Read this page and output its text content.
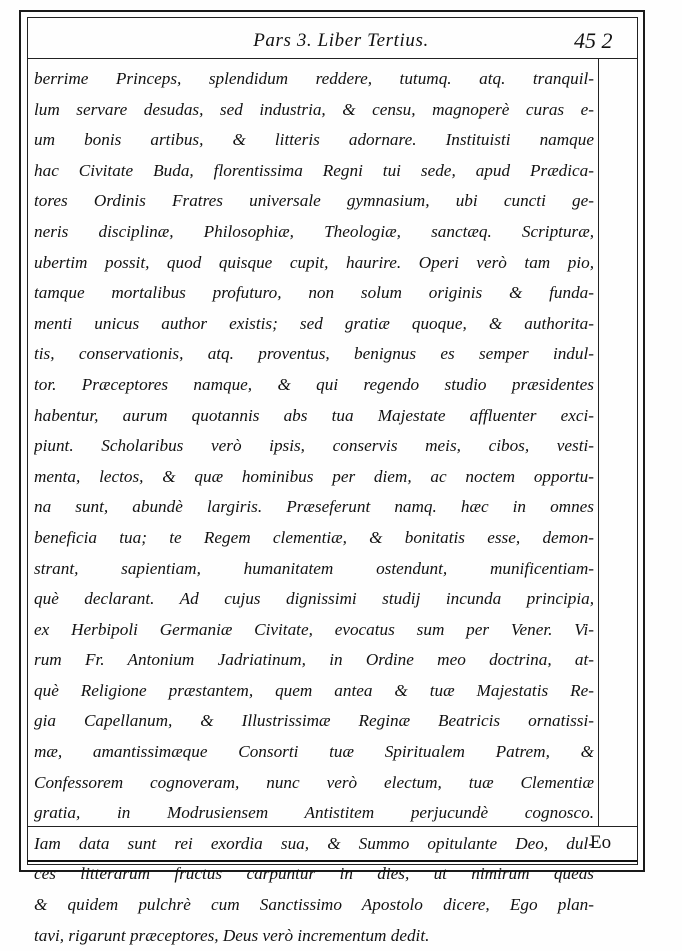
Pars 3. Liber Tertius.	45 2
berrime Princeps, splendidum reddere, tutumq. atq. tranquil-
lum servare desudas, sed industria, & censu, magnoperè curas e-
um bonis artibus, & litteris adornare. Instituisti namque
hac Civitate Buda, florentissima Regni tui sede, apud Prædica-
tores Ordinis Fratres universale gymnasium, ubi cuncti ge-
neris disciplinæ, Philosophiæ, Theologiæ, sanctæq. Scripturæ,
ubertim possit, quod quisque cupit, haurire. Operi verò tam pio,
tamque mortalibus profuturo, non solum originis & funda-
menti unicus author existis; sed gratiæ quoque, & authorita-
tis, conservationis, atq. proventus, benignus es semper indul-
tor. Præceptores namque, & qui regendo studio præsidentes
habentur, aurum quotannis abs tua Majestate affluenter exci-
piunt. Scholaribus verò ipsis, conservis meis, cibos, vesti-
menta, lectos, & quæ hominibus per diem, ac noctem opportu-
na sunt, abundè largiris. Præseferunt namq. hæc in omnes
beneficia tua; te Regem clementiæ, & bonitatis esse, demon-
strant, sapientiam, humanitatem ostendunt, munificentiam-
què declarant. Ad cujus dignissimi studij incunda principia,
ex Herbipoli Germaniæ Civitate, evocatus sum per Vener. Vi-
rum Fr. Antonium Jadriatinum, in Ordine meo doctrina, at-
què Religione præstantem, quem antea & tuæ Majestatis Re-
gia Capellanum, & Illustrissimæ Reginæ Beatricis ornatissi-
mæ, amantissimæque Consorti tuæ Spiritualem Patrem, &
Confessorem cognoveram, nunc verò electum, tuæ Clementiæ
gratia, in Modrusiensem Antistitem perjucundè cognosco.
Iam data sunt rei exordia sua, & Summo opitulante Deo, dul-
ces litterarum fructus carpuntur in dies, ut nimirum queas
& quidem pulchrè cum Sanctissimo Apostolo dicere, Ego plan-
tavi, rigarunt præceptores, Deus verò incrementum dedit.
Eo
